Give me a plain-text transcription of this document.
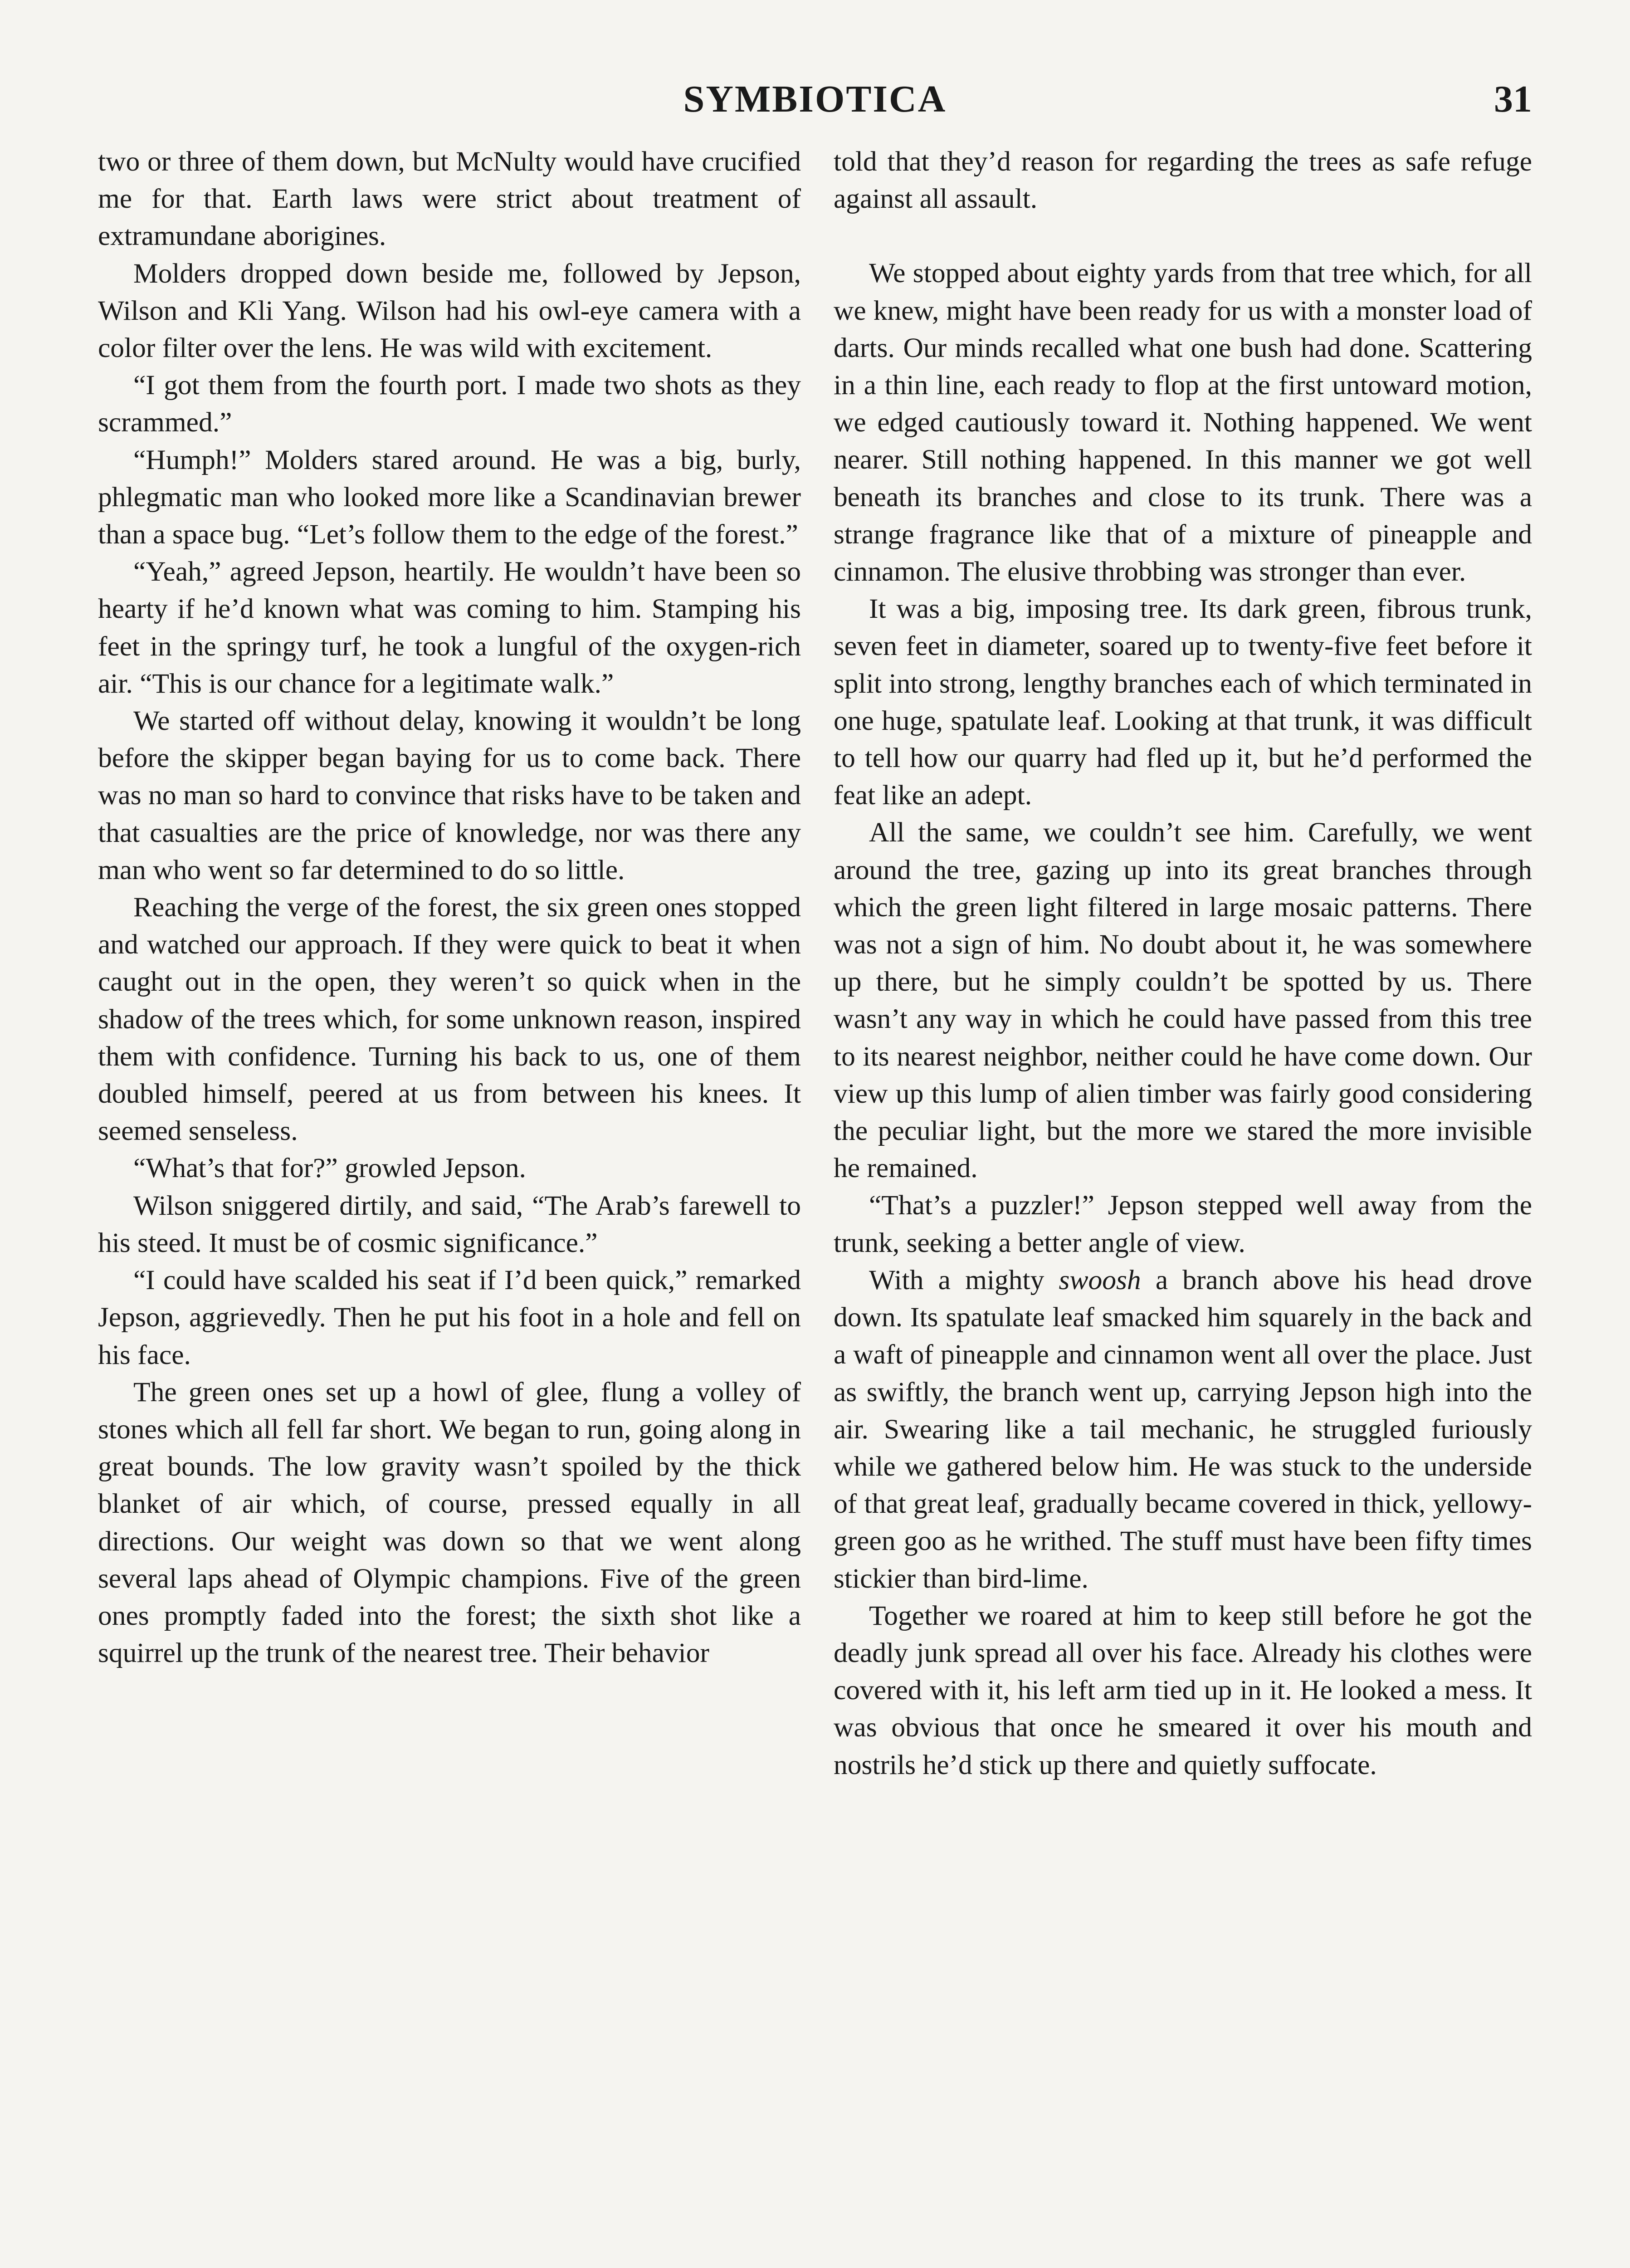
SYMBIOTICA	31

two or three of them down, but McNulty would have crucified me for that. Earth laws were strict about treatment of extramundane aborigines.

Molders dropped down beside me, followed by Jepson, Wilson and Kli Yang. Wilson had his owl-eye camera with a color filter over the lens. He was wild with excitement.

“I got them from the fourth port. I made two shots as they scrammed.”

“Humph!” Molders stared around. He was a big, burly, phlegmatic man who looked more like a Scandinavian brewer than a space bug. “Let’s follow them to the edge of the forest.”

“Yeah,” agreed Jepson, heartily. He wouldn’t have been so hearty if he’d known what was coming to him. Stamping his feet in the springy turf, he took a lungful of the oxygen-rich air. “This is our chance for a legitimate walk.”

We started off without delay, knowing it wouldn’t be long before the skipper began baying for us to come back. There was no man so hard to convince that risks have to be taken and that casualties are the price of knowledge, nor was there any man who went so far determined to do so little.

Reaching the verge of the forest, the six green ones stopped and watched our approach. If they were quick to beat it when caught out in the open, they weren’t so quick when in the shadow of the trees which, for some unknown reason, inspired them with confidence. Turning his back to us, one of them doubled himself, peered at us from between his knees. It seemed senseless.

“What’s that for?” growled Jepson.

Wilson sniggered dirtily, and said, “The Arab’s farewell to his steed. It must be of cosmic significance.”

“I could have scalded his seat if I’d been quick,” remarked Jepson, aggrievedly. Then he put his foot in a hole and fell on his face.

The green ones set up a howl of glee, flung a volley of stones which all fell far short. We began to run, going along in great bounds. The low gravity wasn’t spoiled by the thick blanket of air which, of course, pressed equally in all directions. Our weight was down so that we went along several laps ahead of Olympic champions. Five of the green ones promptly faded into the forest; the sixth shot like a squirrel up the trunk of the nearest tree. Their behavior

told that they’d reason for regarding the trees as safe refuge against all assault.

We stopped about eighty yards from that tree which, for all we knew, might have been ready for us with a monster load of darts. Our minds recalled what one bush had done. Scattering in a thin line, each ready to flop at the first untoward motion, we edged cautiously toward it. Nothing happened. We went nearer. Still nothing happened. In this manner we got well beneath its branches and close to its trunk. There was a strange fragrance like that of a mixture of pineapple and cinnamon. The elusive throbbing was stronger than ever.

It was a big, imposing tree. Its dark green, fibrous trunk, seven feet in diameter, soared up to twenty-five feet before it split into strong, lengthy branches each of which terminated in one huge, spatulate leaf. Looking at that trunk, it was difficult to tell how our quarry had fled up it, but he’d performed the feat like an adept.

All the same, we couldn’t see him. Carefully, we went around the tree, gazing up into its great branches through which the green light filtered in large mosaic patterns. There was not a sign of him. No doubt about it, he was somewhere up there, but he simply couldn’t be spotted by us. There wasn’t any way in which he could have passed from this tree to its nearest neighbor, neither could he have come down. Our view up this lump of alien timber was fairly good considering the peculiar light, but the more we stared the more invisible he remained.

“That’s a puzzler!” Jepson stepped well away from the trunk, seeking a better angle of view.

With a mighty swoosh a branch above his head drove down. Its spatulate leaf smacked him squarely in the back and a waft of pineapple and cinnamon went all over the place. Just as swiftly, the branch went up, carrying Jepson high into the air. Swearing like a tail mechanic, he struggled furiously while we gathered below him. He was stuck to the underside of that great leaf, gradually became covered in thick, yellowy-green goo as he writhed. The stuff must have been fifty times stickier than bird-lime.

Together we roared at him to keep still before he got the deadly junk spread all over his face. Already his clothes were covered with it, his left arm tied up in it. He looked a mess. It was obvious that once he smeared it over his mouth and nostrils he’d stick up there and quietly suffocate.
